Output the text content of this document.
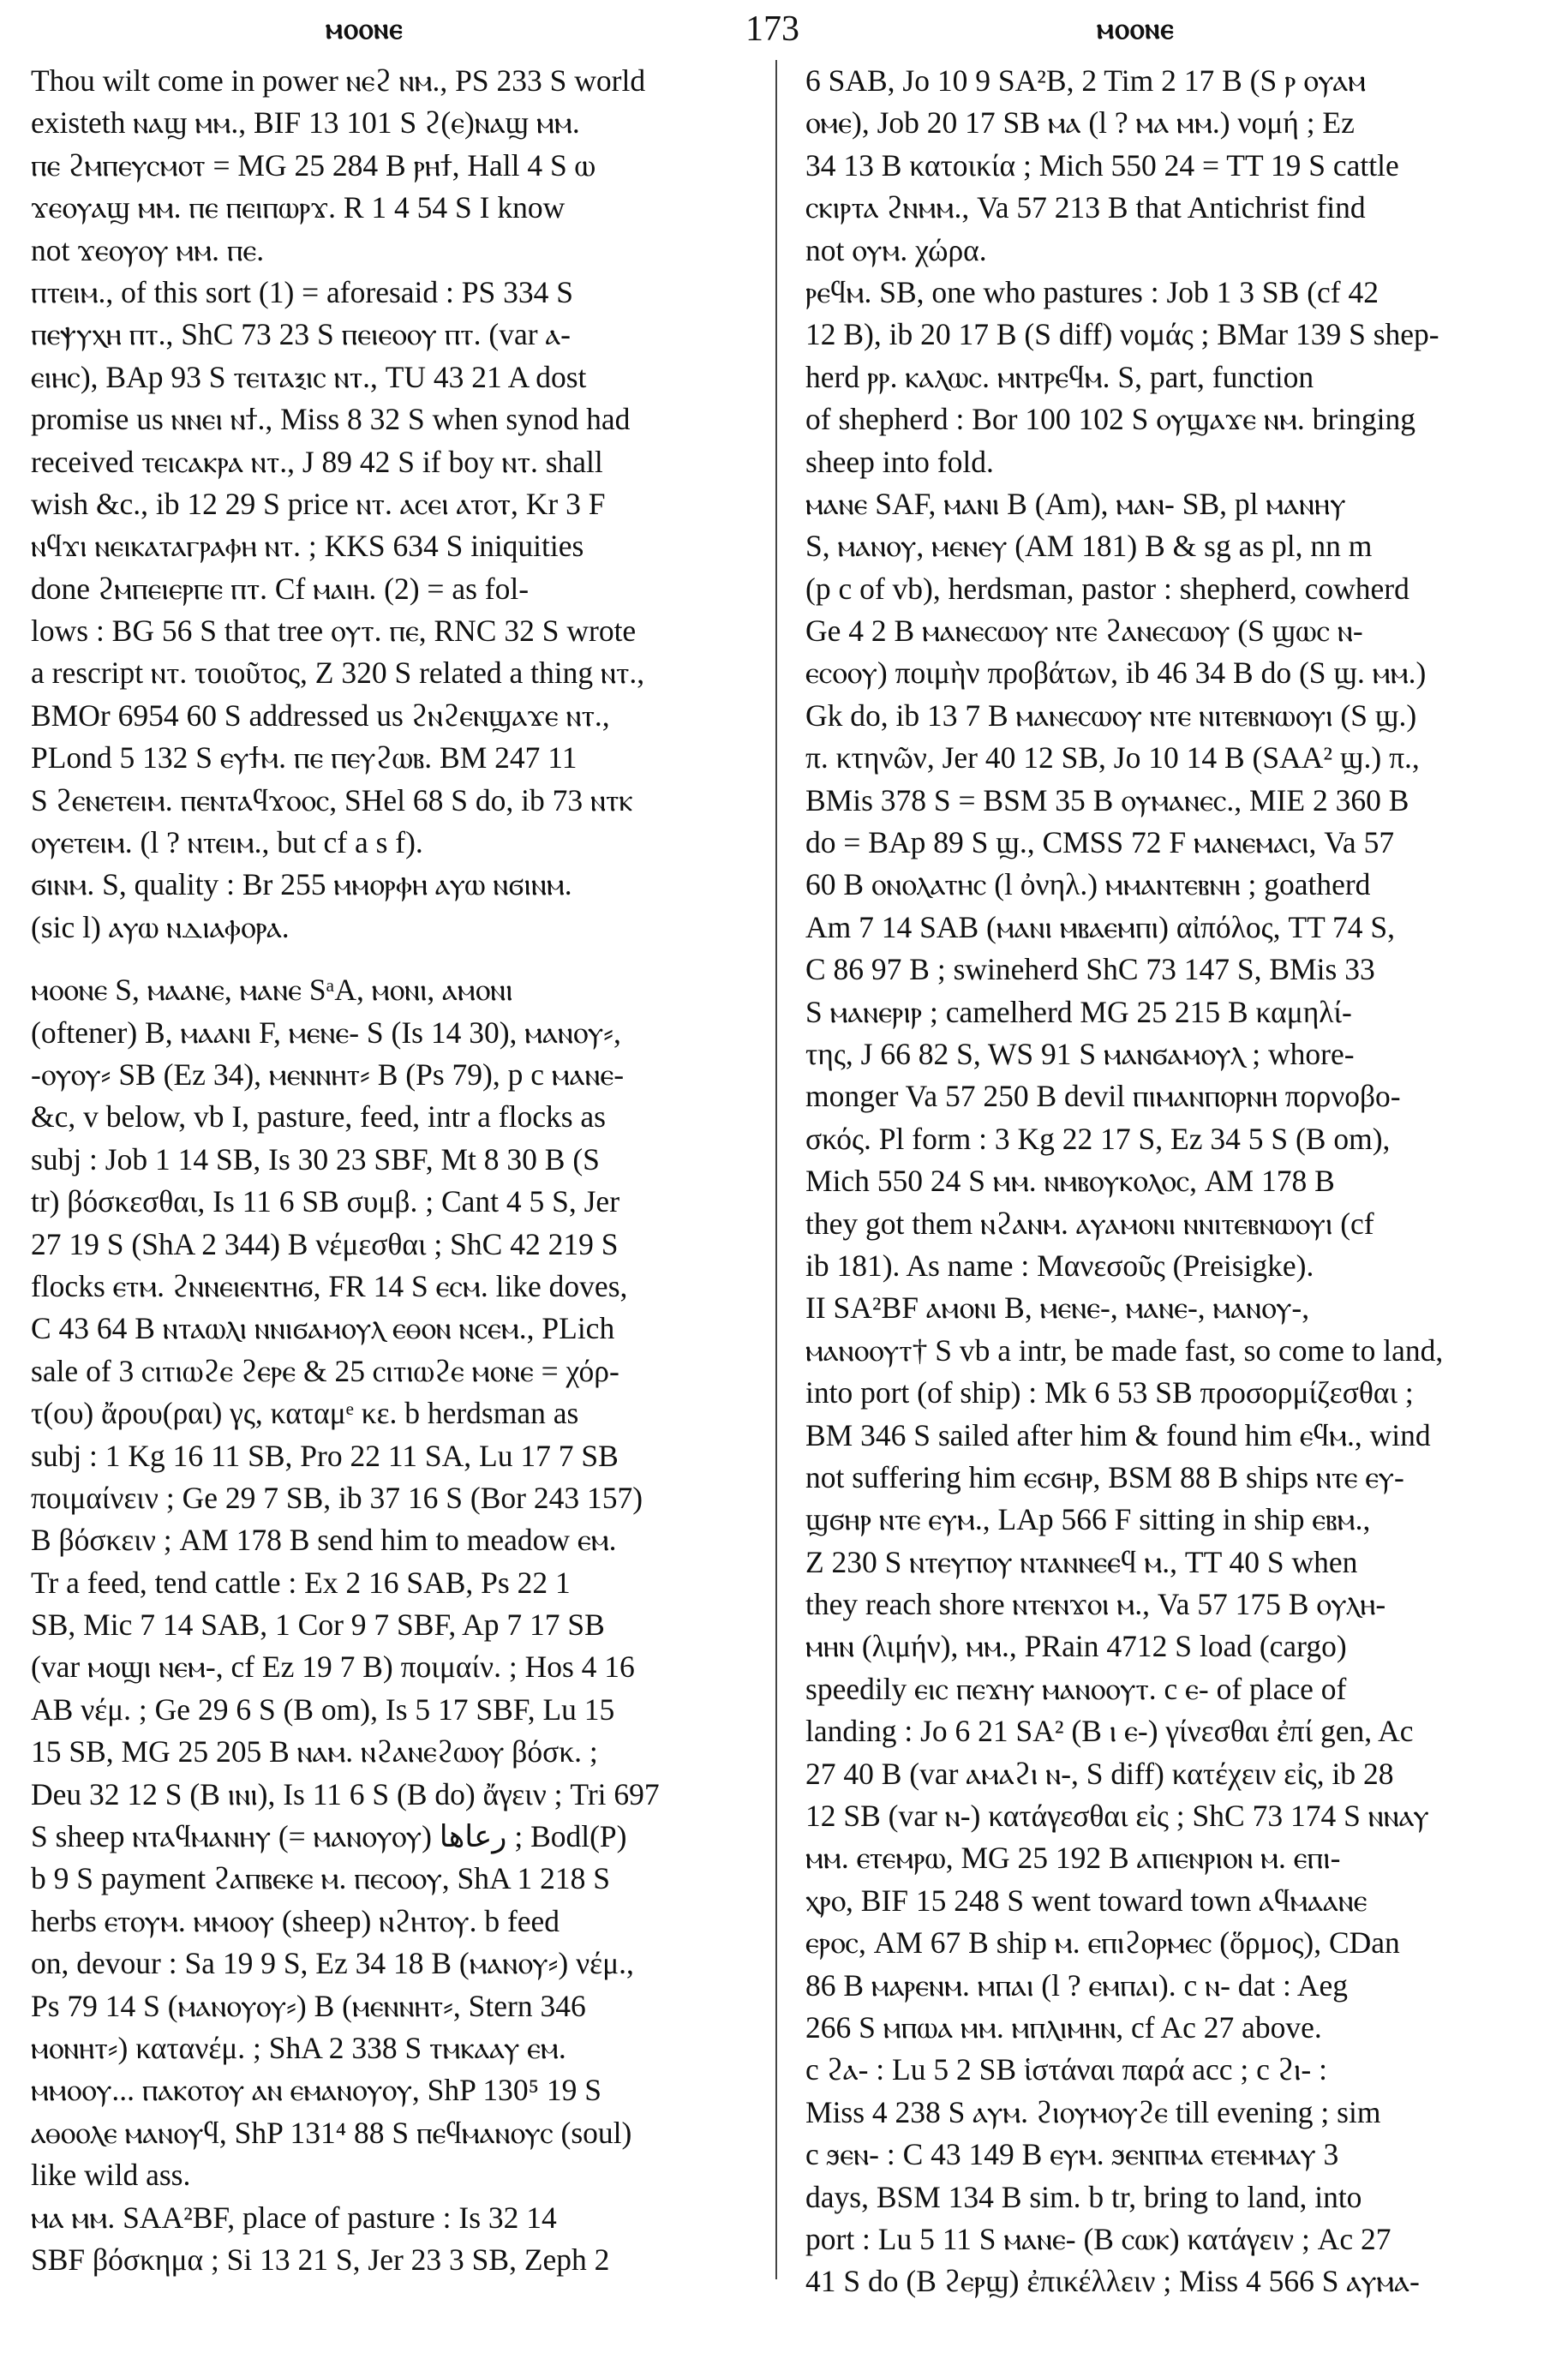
ⲙⲟⲟⲛⲉ	173	ⲙⲟⲟⲛⲉ
Thou wilt come in power ⲛⲉϩ ⲛⲙ., PS 233 S world
existeth ⲛⲁϣ ⲙⲙ., BIF 13 101 S ϩ(ⲉ)ⲛⲁϣ ⲙⲙ.
ⲡⲉ ϩⲙⲡⲉⲩⲥⲙⲟⲧ = MG 25 284 B ⲣⲏϯ, Hall 4 S ⲱ
ϫⲉⲟⲩⲁϣ ⲙⲙ. ⲡⲉ ⲡⲉⲓⲡⲱⲣϫ. R 1 4 54 S I know
not ϫⲉⲟⲩⲟⲩ ⲙⲙ. ⲡⲉ.
ⲡⲧⲉⲓⲙ., of this sort (1) = aforesaid : PS 334 S
ⲡⲉⲯⲩⲭⲏ ⲡⲧ., ShC 73 23 S ⲡⲉⲓⲉⲟⲟⲩ ⲡⲧ. (var ⲁ-
ⲉⲓⲏⲥ), BAp 93 S ⲧⲉⲓⲧⲁⲝⲓⲥ ⲛⲧ., TU 43 21 A dost
promise us ⲛⲛⲉⲓ ⲛϯ., Miss 8 32 S when synod had
received ⲧⲉⲓⲥⲁⲕⲣⲁ ⲛⲧ., J 89 42 S if boy ⲛⲧ. shall
wish &c., ib 12 29 S price ⲛⲧ. ⲁⲥⲉⲓ ⲁⲧⲟⲧ, Kr 3 F
ⲛϥϫⲓ ⲛⲉⲓⲕⲁⲧⲁⲅⲣⲁⲫⲏ ⲛⲧ. ; KKS 634 S iniquities
done ϩⲙⲡⲉⲓⲉⲣⲡⲉ ⲡⲧ. Cf ⲙⲁⲓⲏ. (2) = as fol-
lows : BG 56 S that tree ⲟⲩⲧ. ⲡⲉ, RNC 32 S wrote
a rescript ⲛⲧ. τοιοῦτος, Z 320 S related a thing ⲛⲧ.,
BMOr 6954 60 S addressed us ϩⲛϩⲉⲛϣⲁϫⲉ ⲛⲧ.,
PLond 5 132 S ⲉⲩϯⲙ. ⲡⲉ ⲡⲉⲩϩⲱⲃ. BM 247 11
S ϩⲉⲛⲉⲧⲉⲓⲙ. ⲡⲉⲛⲧⲁϥϫⲟⲟⲥ, SHel 68 S do, ib 73 ⲛⲧⲕ
ⲟⲩⲉⲧⲉⲓⲙ. (l ? ⲛⲧⲉⲓⲙ., but cf a s f).
ϭⲓⲛⲙ. S, quality : Br 255 ⲙⲙⲟⲣⲫⲏ ⲁⲩⲱ ⲛϭⲓⲛⲙ.
(sic l) ⲁⲩⲱ ⲛⲇⲓⲁⲫⲟⲣⲁ.
ⲙⲟⲟⲛⲉ S, ⲙⲁⲁⲛⲉ, ⲙⲁⲛⲉ SᵃA, ⲙⲟⲛⲓ, ⲁⲙⲟⲛⲓ
(oftener) B, ⲙⲁⲁⲛⲓ F, ⲙⲉⲛⲉ- S (Is 14 30), ⲙⲁⲛⲟⲩ⸗,
-ⲟⲩⲟⲩ⸗ SB (Ez 34), ⲙⲉⲛⲛⲏⲧ⸗ B (Ps 79), p c ⲙⲁⲛⲉ-
&c, v below, vb I, pasture, feed, intr a flocks as
subj : Job 1 14 SB, Is 30 23 SBF, Mt 8 30 B (S
tr) βόσκεσθαι, Is 11 6 SB συμβ. ; Cant 4 5 S, Jer
27 19 S (ShA 2 344) B νέμεσθαι ; ShC 42 219 S
flocks ⲉⲧⲙ. ϩⲛⲛⲉⲓⲉⲛⲧⲏϭ, FR 14 S ⲉⲥⲙ. like doves,
C 43 64 B ⲛⲧⲁⲱⲗⲓ ⲛⲛⲓϭⲁⲙⲟⲩⲗ ⲉⲑⲟⲛ ⲛⲥⲉⲙ., PLich
sale of 3 ⲥⲓⲧⲓⲱϩⲉ ϩⲉⲣⲉ & 25 ⲥⲓⲧⲓⲱϩⲉ ⲙⲟⲛⲉ = χόρ-
τ(ου) ἄρου(ραι) γς, καταμᵉ κε. b herdsman as
subj : 1 Kg 16 11 SB, Pro 22 11 SA, Lu 17 7 SB
ποιμαίνειν ; Ge 29 7 SB, ib 37 16 S (Bor 243 157)
B βόσκειν ; AM 178 B send him to meadow ⲉⲙ.
Tr a feed, tend cattle : Ex 2 16 SAB, Ps 22 1
SB, Mic 7 14 SAB, 1 Cor 9 7 SBF, Ap 7 17 SB
(var ⲙⲟϣⲓ ⲛⲉⲙ-, cf Ez 19 7 B) ποιμαίν. ; Hos 4 16
AB νέμ. ; Ge 29 6 S (B om), Is 5 17 SBF, Lu 15
15 SB, MG 25 205 B ⲛⲁⲙ. ⲛϩⲁⲛⲉϩⲱⲟⲩ βόσκ. ;
Deu 32 12 S (B ⲓⲛⲓ), Is 11 6 S (B do) ἄγειν ; Tri 697
S sheep ⲛⲧⲁϥⲙⲁⲛⲏⲩ (= ⲙⲁⲛⲟⲩⲟⲩ) رعاها ; Bodl(P)
b 9 S payment ϩⲁⲡⲃⲉⲕⲉ ⲙ. ⲡⲉⲥⲟⲟⲩ, ShA 1 218 S
herbs ⲉⲧⲟⲩⲙ. ⲙⲙⲟⲟⲩ (sheep) ⲛϩⲏⲧⲟⲩ. b feed
on, devour : Sa 19 9 S, Ez 34 18 B (ⲙⲁⲛⲟⲩ⸗) νέμ.,
Ps 79 14 S (ⲙⲁⲛⲟⲩⲟⲩ⸗) B (ⲙⲉⲛⲛⲏⲧ⸗, Stern 346
ⲙⲟⲛⲏⲧ⸗) κατανέμ. ; ShA 2 338 S ⲧⲙⲕⲁⲁⲩ ⲉⲙ.
ⲙⲙⲟⲟⲩ... ⲡⲁⲕⲟⲧⲟⲩ ⲁⲛ ⲉⲙⲁⲛⲟⲩⲟⲩ, ShP 130⁵ 19 S
ⲁⲑⲟⲟⲗⲉ ⲙⲁⲛⲟⲩϥ, ShP 131⁴ 88 S ⲡⲉϥⲙⲁⲛⲟⲩⲥ (soul)
like wild ass.
ⲙⲁ ⲙⲙ. SAA²BF, place of pasture : Is 32 14
SBF βόσκημα ; Si 13 21 S, Jer 23 3 SB, Zeph 2
6 SAB, Jo 10 9 SA²B, 2 Tim 2 17 B (S ⲣ ⲟⲩⲁⲙ
ⲟⲙⲉ), Job 20 17 SB ⲙⲁ (l ? ⲙⲁ ⲙⲙ.) νομή ; Ez
34 13 B κατοικία ; Mich 550 24 = TT 19 S cattle
ⲥⲕⲓⲣⲧⲁ ϩⲛⲙⲙ., Va 57 213 B that Antichrist find
not ⲟⲩⲙ. χώρα.
ⲣⲉϥⲙ. SB, one who pastures : Job 1 3 SB (cf 42
12 B), ib 20 17 B (S diff) νομάς ; BMar 139 S shep-
herd ⲣⲣ. ⲕⲁⲗⲱⲥ. ⲙⲛⲧⲣⲉϥⲙ. S, part, function
of shepherd : Bor 100 102 S ⲟⲩϣⲁϫⲉ ⲛⲙ. bringing
sheep into fold.
ⲙⲁⲛⲉ SAF, ⲙⲁⲛⲓ B (Am), ⲙⲁⲛ- SB, pl ⲙⲁⲛⲏⲩ
S, ⲙⲁⲛⲟⲩ, ⲙⲉⲛⲉⲩ (AM 181) B & sg as pl, nn m
(p c of vb), herdsman, pastor : shepherd, cowherd
Ge 4 2 B ⲙⲁⲛⲉⲥⲱⲟⲩ ⲛⲧⲉ ϩⲁⲛⲉⲥⲱⲟⲩ (S ϣⲱⲥ ⲛ-
ⲉⲥⲟⲟⲩ) ποιμὴν προβάτων, ib 46 34 B do (S ϣ. ⲙⲙ.)
Gk do, ib 13 7 B ⲙⲁⲛⲉⲥⲱⲟⲩ ⲛⲧⲉ ⲛⲓⲧⲉⲃⲛⲱⲟⲩⲓ (S ϣ.)
π. κτηνῶν, Jer 40 12 SB, Jo 10 14 B (SAA² ϣ.) π.,
BMis 378 S = BSM 35 B ⲟⲩⲙⲁⲛⲉⲥ., MIE 2 360 B
do = BAp 89 S ϣ., CMSS 72 F ⲙⲁⲛⲉⲙⲁⲥⲓ, Va 57
60 B ⲟⲛⲟⲗⲁⲧⲏⲥ (l ὀνηλ.) ⲙⲙⲁⲛⲧⲉⲃⲛⲏ ; goatherd
Am 7 14 SAB (ⲙⲁⲛⲓ ⲙⲃⲁⲉⲙⲡⲓ) αἰπόλος, TT 74 S,
C 86 97 B ; swineherd ShC 73 147 S, BMis 33
S ⲙⲁⲛⲉⲣⲓⲣ ; camelherd MG 25 215 B καμηλί-
της, J 66 82 S, WS 91 S ⲙⲁⲛϭⲁⲙⲟⲩⲗ ; whore-
monger Va 57 250 B devil ⲡⲓⲙⲁⲛⲡⲟⲣⲛⲏ πορνοβο-
σκός. Pl form : 3 Kg 22 17 S, Ez 34 5 S (B om),
Mich 550 24 S ⲙⲙ. ⲛⲙⲃⲟⲩⲕⲟⲗⲟⲥ, AM 178 B
they got them ⲛϩⲁⲛⲙ. ⲁⲩⲁⲙⲟⲛⲓ ⲛⲛⲓⲧⲉⲃⲛⲱⲟⲩⲓ (cf
ib 181). As name : Μανεσοῦς (Preisigke).
II SA²BF ⲁⲙⲟⲛⲓ B, ⲙⲉⲛⲉ-, ⲙⲁⲛⲉ-, ⲙⲁⲛⲟⲩ-,
ⲙⲁⲛⲟⲟⲩⲧ† S vb a intr, be made fast, so come to land,
into port (of ship) : Mk 6 53 SB προσορμίζεσθαι ;
BM 346 S sailed after him & found him ⲉϥⲙ., wind
not suffering him ⲉⲥϭⲏⲣ, BSM 88 B ships ⲛⲧⲉ ⲉⲩ-
ϣϭⲏⲣ ⲛⲧⲉ ⲉⲩⲙ., LAp 566 F sitting in ship ⲉⲃⲙ.,
Z 230 S ⲛⲧⲉⲩⲡⲟⲩ ⲛⲧⲁⲛⲛⲉⲉϥ ⲙ., TT 40 S when
they reach shore ⲛⲧⲉⲛϫⲟⲓ ⲙ., Va 57 175 B ⲟⲩⲗⲏ-
ⲙⲏⲛ (λιμήν), ⲙⲙ., PRain 4712 S load (cargo)
speedily ⲉⲓⲥ ⲡⲉϫⲏⲩ ⲙⲁⲛⲟⲟⲩⲧ. c ⲉ- of place of
landing : Jo 6 21 SA² (B ⲓ ⲉ-) γίνεσθαι ἐπί gen, Ac
27 40 B (var ⲁⲙⲁϩⲓ ⲛ-, S diff) κατέχειν εἰς, ib 28
12 SB (var ⲛ-) κατάγεσθαι εἰς ; ShC 73 174 S ⲛⲛⲁⲩ
ⲙⲙ. ⲉⲧⲉⲙⲣⲱ, MG 25 192 B ⲁⲡⲓⲉⲛⲣⲓⲟⲛ ⲙ. ⲉⲡⲓ-
ⲭⲣⲟ, BIF 15 248 S went toward town ⲁϥⲙⲁⲁⲛⲉ
ⲉⲣⲟⲥ, AM 67 B ship ⲙ. ⲉⲡⲓϩⲟⲣⲙⲉⲥ (ὅρμος), CDan
86 B ⲙⲁⲣⲉⲛⲙ. ⲙⲡⲁⲓ (l ? ⲉⲙⲡⲁⲓ). c ⲛ- dat : Aeg
266 S ⲙⲡⲱⲁ ⲙⲙ. ⲙⲡⲗⲓⲙⲏⲛ, cf Ac 27 above.
c ϩⲁ- : Lu 5 2 SB ἱστάναι παρά acc ; c ϩⲓ- :
Miss 4 238 S ⲁⲩⲙ. ϩⲓⲟⲩⲙⲟⲩϩⲉ till evening ; sim
c ϧⲉⲛ- : C 43 149 B ⲉⲩⲙ. ϧⲉⲛⲡⲙⲁ ⲉⲧⲉⲙⲙⲁⲩ 3
days, BSM 134 B sim. b tr, bring to land, into
port : Lu 5 11 S ⲙⲁⲛⲉ- (B ⲥⲱⲕ) κατάγειν ; Ac 27
41 S do (B ϩⲉⲣϣ) ἐπικέλλειν ; Miss 4 566 S ⲁⲩⲙⲁ-
